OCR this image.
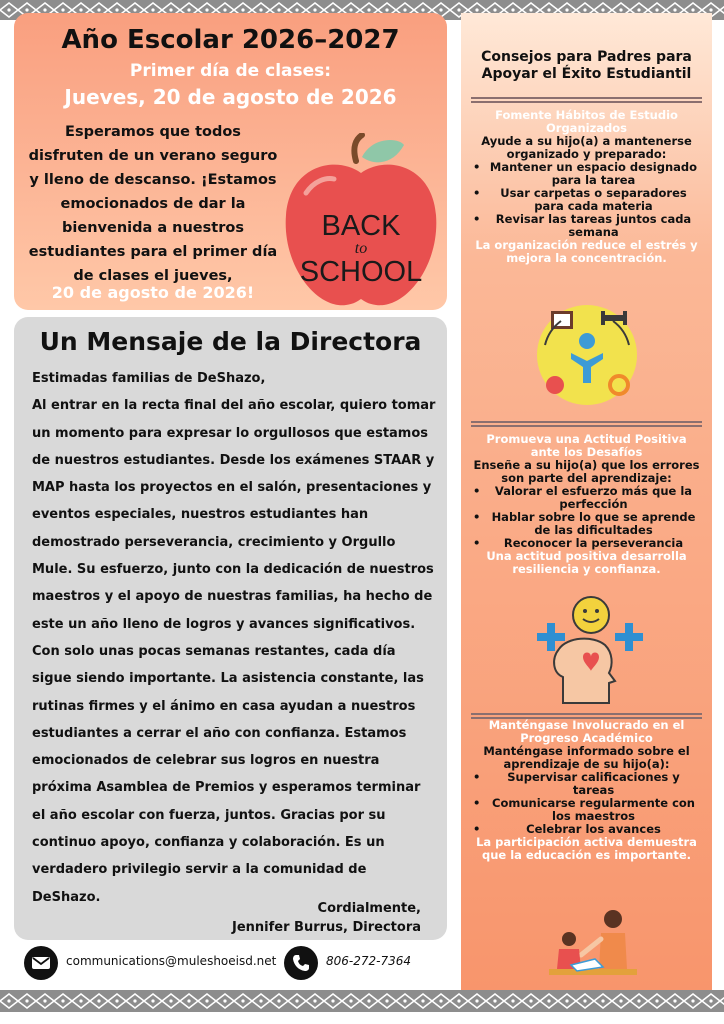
Año Escolar 2026–2027
Primer día de clases:
Jueves, 20 de agosto de 2026

Esperamos que todos disfruten de un verano seguro y lleno de descanso. ¡Estamos emocionados de dar la bienvenida a nuestros estudiantes para el primer día de clases el jueves,

20 de agosto de 2026!

BACK
to
SCHOOL
Un Mensaje de la Directora

Estimadas familias de DeShazo,

Al entrar en la recta final del año escolar, quiero tomar un momento para expresar lo orgullosos que estamos de nuestros estudiantes. Desde los exámenes STAAR y MAP hasta los proyectos en el salón, presentaciones y eventos especiales, nuestros estudiantes han demostrado perseverancia, crecimiento y Orgullo Mule. Su esfuerzo, junto con la dedicación de nuestros maestros y el apoyo de nuestras familias, ha hecho de este un año lleno de logros y avances significativos.

Con solo unas pocas semanas restantes, cada día sigue siendo importante. La asistencia constante, las rutinas firmes y el ánimo en casa ayudan a nuestros estudiantes a cerrar el año con confianza. Estamos emocionados de celebrar sus logros en nuestra próxima Asamblea de Premios y esperamos terminar el año escolar con fuerza, juntos. Gracias por su continuo apoyo, confianza y colaboración. Es un verdadero privilegio servir a la comunidad de DeShazo.

Cordialmente,
Jennifer Burrus, Directora
communications@muleshoeisd.net	806-272-7364
Consejos para Padres para Apoyar el Éxito Estudiantil
Fomente Hábitos de Estudio Organizados
Ayude a su hijo(a) a mantenerse organizado y preparado:
• Mantener un espacio designado para la tarea
• Usar carpetas o separadores para cada materia
• Revisar las tareas juntos cada semana
La organización reduce el estrés y mejora la concentración.
Promueva una Actitud Positiva ante los Desafíos
Enseñe a su hijo(a) que los errores son parte del aprendizaje:
• Valorar el esfuerzo más que la perfección
• Hablar sobre lo que se aprende de las dificultades
• Reconocer la perseverancia
Una actitud positiva desarrolla resiliencia y confianza.
Manténgase Involucrado en el Progreso Académico
Manténgase informado sobre el aprendizaje de su hijo(a):
• Supervisar calificaciones y tareas
• Comunicarse regularmente con los maestros
• Celebrar los avances
La participación activa demuestra que la educación es importante.
